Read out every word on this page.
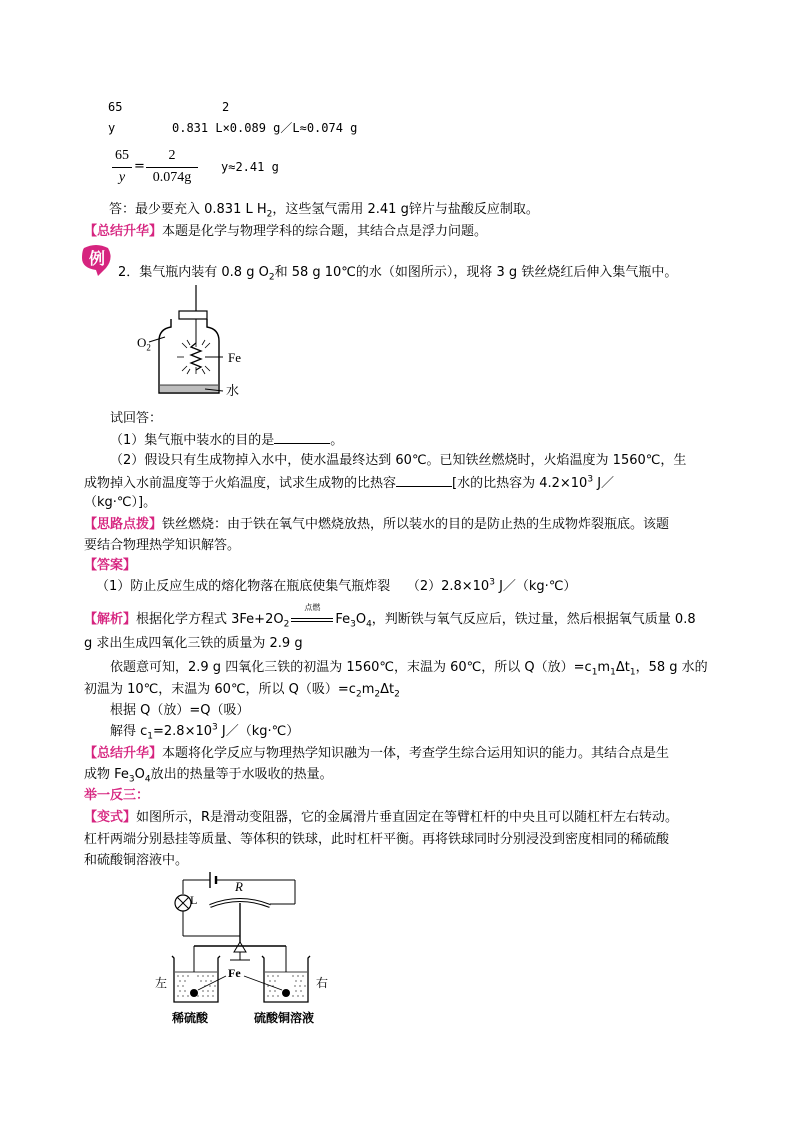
65	2
y	0.831 L×0.089 g／L≈0.074 g
65
y
=
2
0.074g
y≈2.41 g
答：最少要充入 0.831 L $H_2$，这些氢气需用 2.41 g锌片与盐酸反应制取。
【总结升华】本题是化学与物理学科的综合题，其结合点是浮力问题。
例
2．集气瓶内装有 0.8 g $O_2$和 58 g 10℃的水（如图所示），现将 3 g 铁丝烧红后伸入集气瓶中。
$O_2$
Fe
水
试回答：
（1）集气瓶中装水的目的是	。
（2）假设只有生成物掉入水中，使水温最终达到 60℃。已知铁丝燃烧时，火焰温度为 1560℃，生
成物掉入水前温度等于火焰温度，试求生成物的比热容	[水的比热容为 $4.2\times 10^3$ J／
（kg·℃）]。
【思路点拨】铁丝燃烧：由于铁在氧气中燃烧放热，所以装水的目的是防止热的生成物炸裂瓶底。该题
要结合物理热学知识解答。
【答案】
（1）防止反应生成的熔化物落在瓶底使集气瓶炸裂 $(2)2.8\times 10^3$ J／（kg·℃）
【解析】根据化学方程式 $3Fe+2O_2$
点燃
$Fe_3O_4$，判断铁与氧气反应后，铁过量，然后根据氧气质量 0.8
g 求出生成四氧化三铁的质量为 2.9 g
依题意可知，2.9 g 四氧化三铁的初温为 1560℃，末温为 60℃，所以 Q（放）$=c_1m_1\Delta t_1$，58 g 水的
初温为 10℃，末温为 60℃，所以 Q（吸）$=c_2m_2\Delta t_2$
根据 Q（放）=Q（吸）
解得 $c_1=2.8\times 10^3$ J／（kg·℃）
【总结升华】本题将化学反应与物理热学知识融为一体，考查学生综合运用知识的能力。其结合点是生
成物 $Fe_3O_4$放出的热量等于水吸收的热量。
举一反三：
【变式】如图所示，R是滑动变阻器，它的金属滑片垂直固定在等臂杠杆的中央且可以随杠杆左右转动。
杠杆两端分别悬挂等质量、等体积的铁球，此时杠杆平衡。再将铁球同时分别浸没到密度相同的稀硫酸
和硫酸铜溶液中。
L
R
Fe
左	右
稀硫酸	硫酸铜溶液
